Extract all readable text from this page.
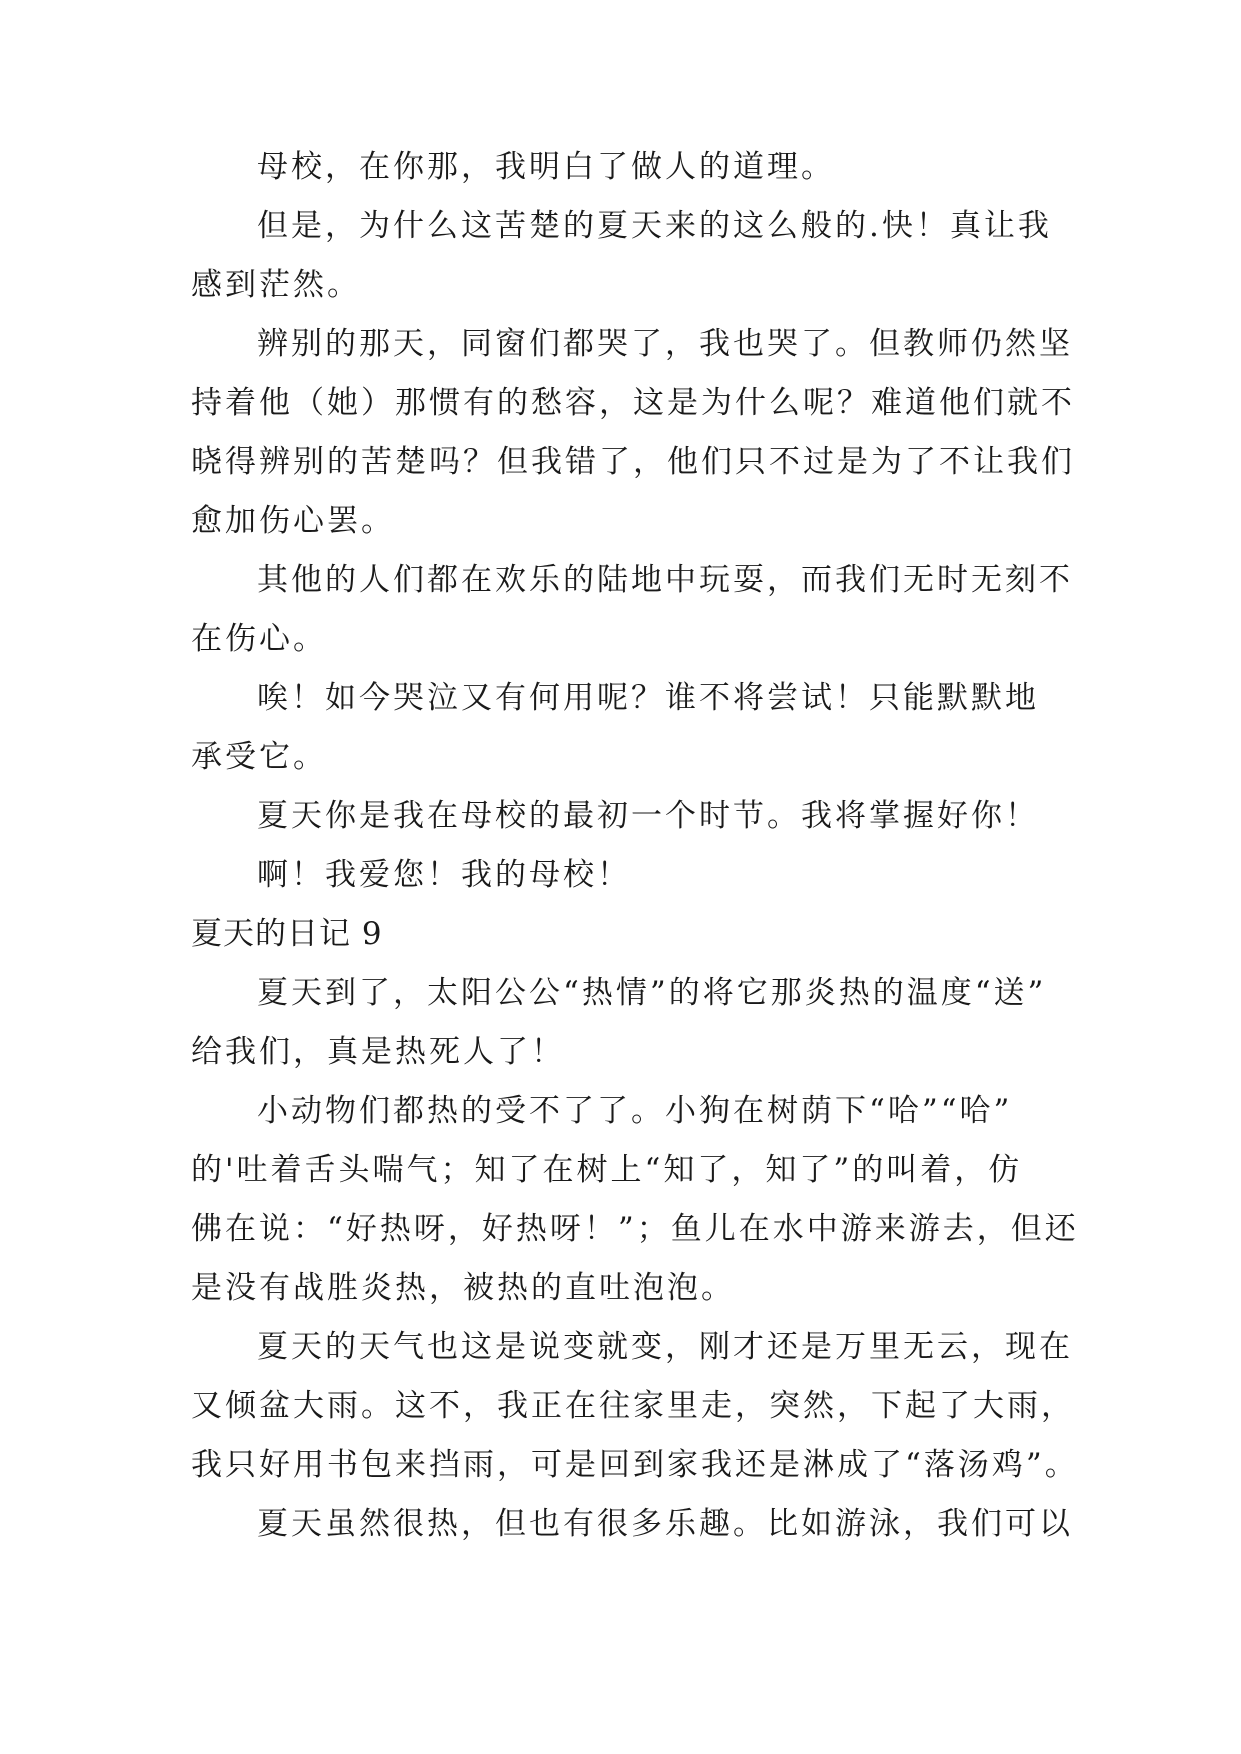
母校，在你那，我明白了做人的道理。
但是，为什么这苦楚的夏天来的这么般的.快！真让我
感到茫然。
辨别的那天，同窗们都哭了，我也哭了。但教师仍然坚
持着他（她）那惯有的愁容，这是为什么呢？难道他们就不
晓得辨别的苦楚吗？但我错了，他们只不过是为了不让我们
愈加伤心罢。
其他的人们都在欢乐的陆地中玩耍，而我们无时无刻不
在伤心。
唉！如今哭泣又有何用呢？谁不将尝试！只能默默地
承受它。
夏天你是我在母校的最初一个时节。我将掌握好你！
啊！我爱您！我的母校！
夏天的日记 9
夏天到了，太阳公公“热情”的将它那炎热的温度“送”
给我们，真是热死人了！
小动物们都热的受不了了。小狗在树荫下“哈”“哈”
的'吐着舌头喘气；知了在树上“知了，知了”的叫着，仿
佛在说：“好热呀，好热呀！”；鱼儿在水中游来游去，但还
是没有战胜炎热，被热的直吐泡泡。
夏天的天气也这是说变就变，刚才还是万里无云，现在
又倾盆大雨。这不，我正在往家里走，突然，下起了大雨，
我只好用书包来挡雨，可是回到家我还是淋成了“落汤鸡”。
夏天虽然很热，但也有很多乐趣。比如游泳，我们可以
